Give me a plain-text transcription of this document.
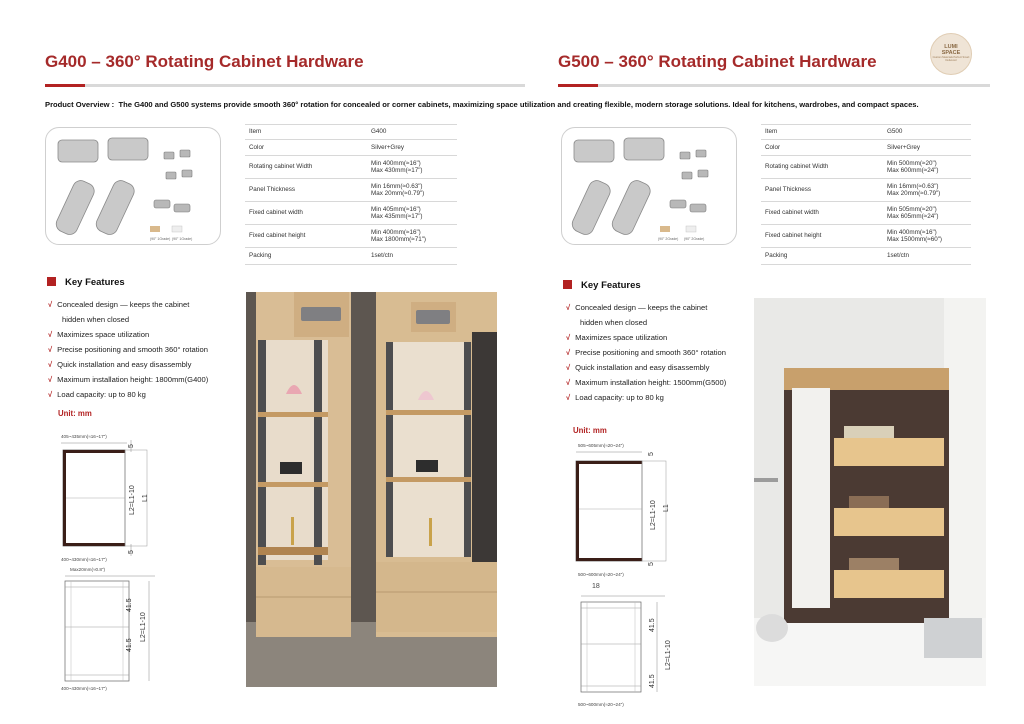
G400 – 360° Rotating Cabinet Hardware	G500 – 360° Rotating Cabinet Hardware
LUMI
SPACE
Custom Materials Perfect Smart Delivered
Product Overview : The G400 and G500 systems provide smooth 360° rotation for concealed or corner cabinets, maximizing space utilization and creating flexible, modern storage solutions. Ideal for kitchens, wardrobes, and compact spaces.
(90° 1Grade) (90° 1Grade)	(90° 2Grade) (90° 2Grade)
Item	G400
Color	Silver+Grey
Rotating cabinet Width	Min 400mm(≈16")
Max 430mm(≈17")
Panel Thickness	Min 16mm(≈0.63")
Max 20mm(≈0.79")
Fixed cabinet width	Min 405mm(≈16")
Max 435mm(≈17")
Fixed cabinet height	Min 400mm(≈16")
Max 1800mm(≈71")
Packing	1set/ctn
Item	G500
Color	Silver+Grey
Rotating cabinet Width	Min 500mm(≈20")
Max 600mm(≈24")
Panel Thickness	Min 16mm(≈0.63")
Max 20mm(≈0.79")
Fixed cabinet width	Min 505mm(≈20")
Max 605mm(≈24")
Fixed cabinet height	Min 400mm(≈16")
Max 1500mm(≈60")
Packing	1set/ctn
Key Features
√ Concealed design — keeps the cabinet
hidden when closed
√ Maximizes space utilization
√ Precise positioning and smooth 360° rotation
√ Quick installation and easy disassembly
√ Maximum installation height: 1800mm(G400)
√ Load capacity: up to 80 kg
Unit: mm
Key Features
√ Concealed design — keeps the cabinet
hidden when closed
√ Maximizes space utilization
√ Precise positioning and smooth 360° rotation
√ Quick installation and easy disassembly
√ Maximum installation height: 1500mm(G500)
√ Load capacity: up to 80 kg
Unit: mm
405~435mm(≈16~17")
5
5
L2=L1-10 L1
400~430mm(≈16~17")
Max20mm(≈0.8")
41.5
41.5
L2=L1-10
400~430mm(≈16~17")
505~605mm(≈20~24")
5
5
L2=L1-10 L1
500~600mm(≈20~24")
18
41.5
41.5
L2=L1-10
500~600mm(≈20~24")
